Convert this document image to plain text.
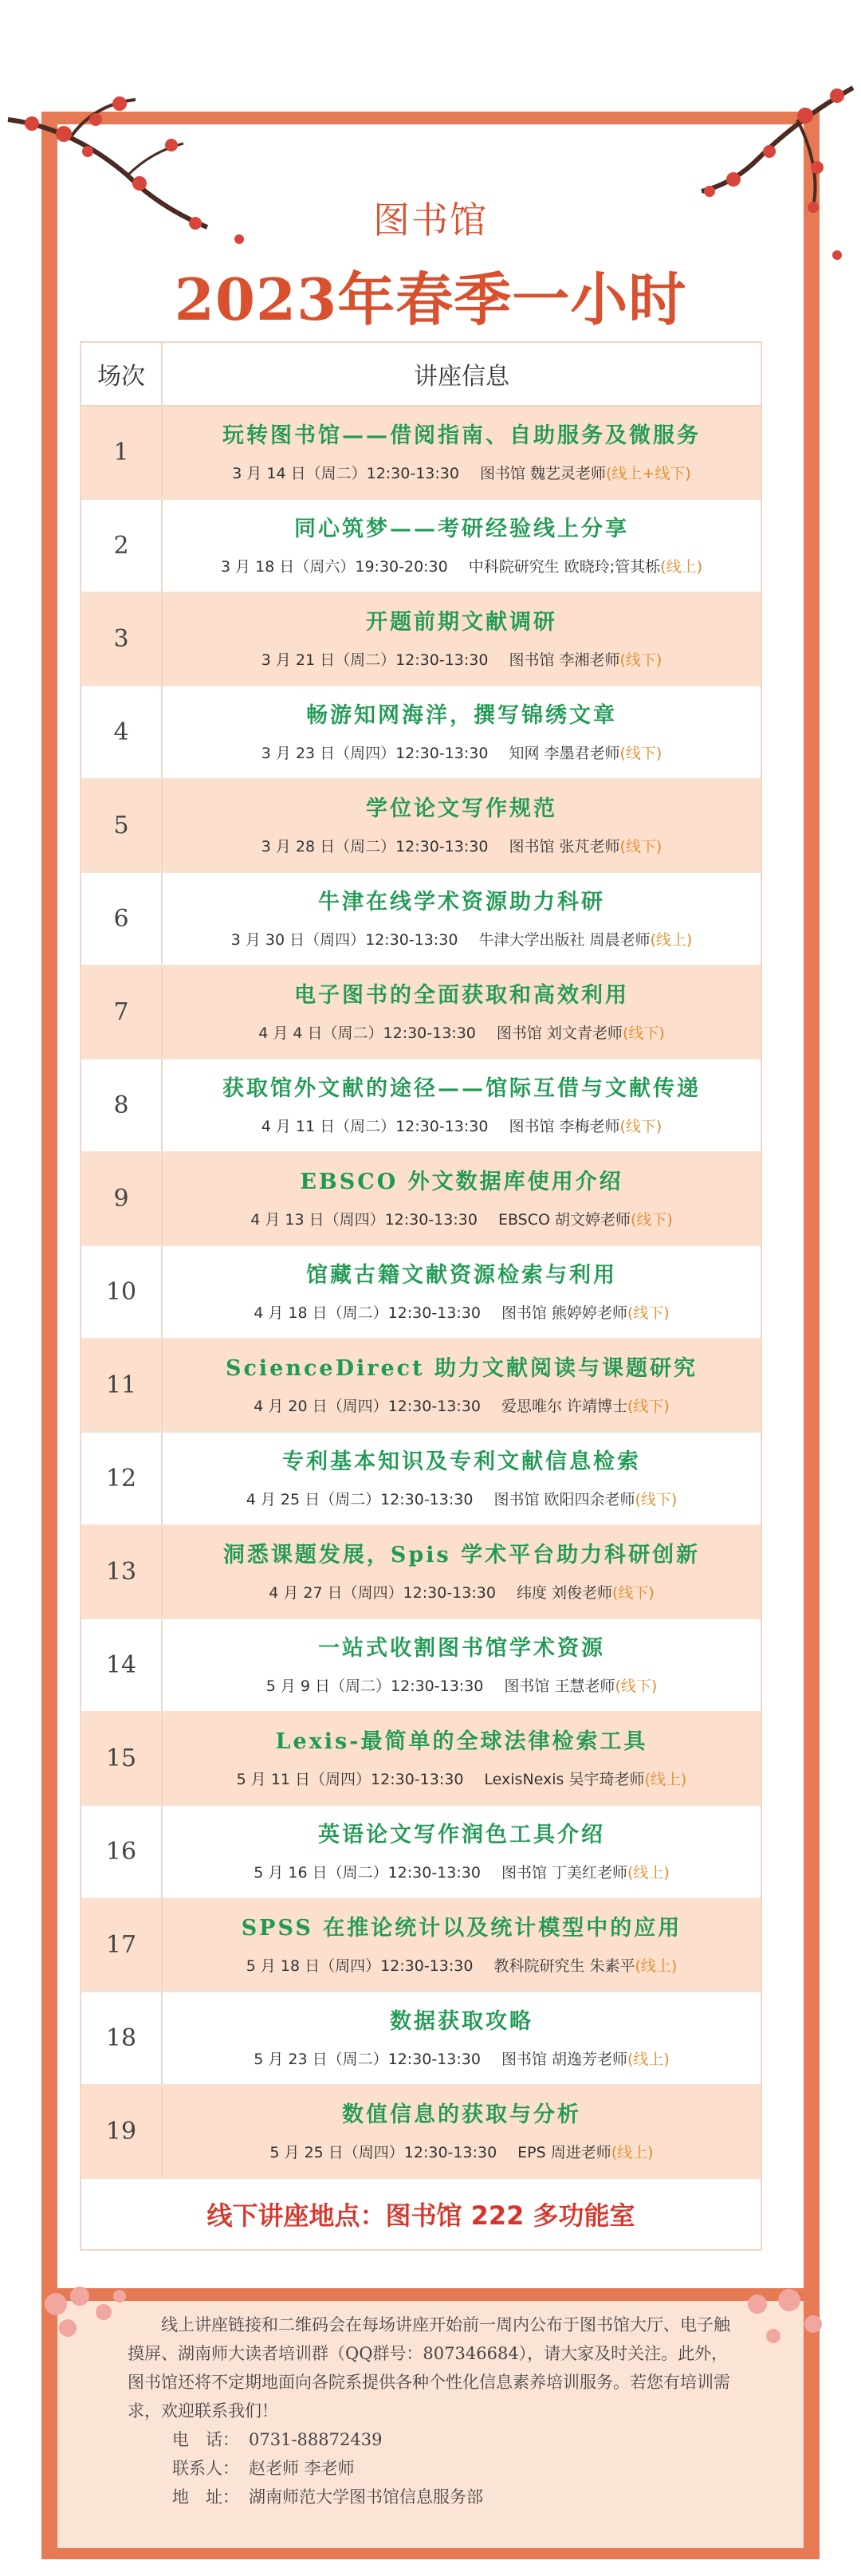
图书馆
2023年春季一小时
场次	讲座信息
1
玩转图书馆——借阅指南、自助服务及微服务
3 月 14 日（周二）12:30-13:30 图书馆 魏艺灵老师(线上+线下)
2
同心筑梦——考研经验线上分享
3 月 18 日（周六）19:30-20:30 中科院研究生 欧晓玲;管其栎(线上)
3
开题前期文献调研
3 月 21 日（周二）12:30-13:30 图书馆 李湘老师(线下)
4
畅游知网海洋，撰写锦绣文章
3 月 23 日（周四）12:30-13:30 知网 李墨君老师(线下)
5
学位论文写作规范
3 月 28 日（周二）12:30-13:30 图书馆 张芃老师(线下)
6
牛津在线学术资源助力科研
3 月 30 日（周四）12:30-13:30 牛津大学出版社 周晨老师(线上)
7
电子图书的全面获取和高效利用
4 月 4 日（周二）12:30-13:30 图书馆 刘文青老师(线下)
8
获取馆外文献的途径——馆际互借与文献传递
4 月 11 日（周二）12:30-13:30 图书馆 李梅老师(线下)
9
EBSCO 外文数据库使用介绍
4 月 13 日（周四）12:30-13:30 EBSCO 胡文婷老师(线下)
10
馆藏古籍文献资源检索与利用
4 月 18 日（周二）12:30-13:30 图书馆 熊婷婷老师(线下)
11
ScienceDirect 助力文献阅读与课题研究
4 月 20 日（周四）12:30-13:30 爱思唯尔 许靖博士(线下)
12
专利基本知识及专利文献信息检索
4 月 25 日（周二）12:30-13:30 图书馆 欧阳四余老师(线下)
13
洞悉课题发展，Spis 学术平台助力科研创新
4 月 27 日（周四）12:30-13:30 纬度 刘俊老师(线下)
14
一站式收割图书馆学术资源
5 月 9 日（周二）12:30-13:30 图书馆 王慧老师(线下)
15
Lexis-最简单的全球法律检索工具
5 月 11 日（周四）12:30-13:30 LexisNexis 吴宇琦老师(线上)
16
英语论文写作润色工具介绍
5 月 16 日（周二）12:30-13:30 图书馆 丁美红老师(线上)
17
SPSS 在推论统计以及统计模型中的应用
5 月 18 日（周四）12:30-13:30 教科院研究生 朱素平(线上)
18
数据获取攻略
5 月 23 日（周二）12:30-13:30 图书馆 胡逸芳老师(线上)
19
数值信息的获取与分析
5 月 25 日（周四）12:30-13:30 EPS 周进老师(线上)
线下讲座地点：图书馆 222 多功能室

线上讲座链接和二维码会在每场讲座开始前一周内公布于图书馆大厅、电子触摸屏、湖南师大读者培训群（QQ群号：807346684），请大家及时关注。此外，图书馆还将不定期地面向各院系提供各种个性化信息素养培训服务。若您有培训需求，欢迎联系我们！

电　话： 0731-88872439
联系人： 赵老师 李老师
地　址： 湖南师范大学图书馆信息服务部
